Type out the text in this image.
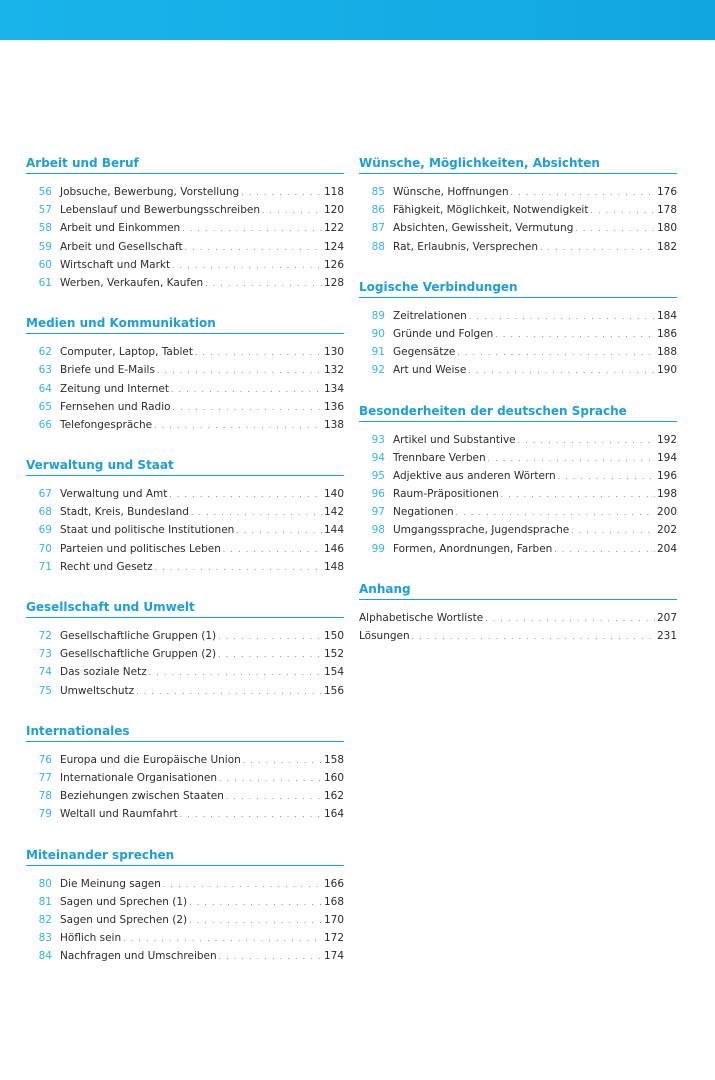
Arbeit und Beruf
56 Jobsuche, Bewerbung, Vorstellung . . .	118
57 Lebenslauf und Bewerbungsschreiben . . .	120
58 Arbeit und Einkommen . . .	122
59 Arbeit und Gesellschaft . . .	124
60 Wirtschaft und Markt . . .	126
61 Werben, Verkaufen, Kaufen . . .	128
Medien und Kommunikation
62 Computer, Laptop, Tablet . . .	130
63 Briefe und E-Mails . . .	132
64 Zeitung und Internet . . .	134
65 Fernsehen und Radio . . .	136
66 Telefongespräche . . .	138
Verwaltung und Staat
67 Verwaltung und Amt . . .	140
68 Stadt, Kreis, Bundesland . . .	142
69 Staat und politische Institutionen . . .	144
70 Parteien und politisches Leben . . .	146
71 Recht und Gesetz . . .	148
Gesellschaft und Umwelt
72 Gesellschaftliche Gruppen (1) . . .	150
73 Gesellschaftliche Gruppen (2) . . .	152
74 Das soziale Netz . . .	154
75 Umweltschutz . . .	156
Internationales
76 Europa und die Europäische Union . . .	158
77 Internationale Organisationen . . .	160
78 Beziehungen zwischen Staaten . . .	162
79 Weltall und Raumfahrt . . .	164
Miteinander sprechen
80 Die Meinung sagen . . .	166
81 Sagen und Sprechen (1) . . .	168
82 Sagen und Sprechen (2) . . .	170
83 Höflich sein . . .	172
84 Nachfragen und Umschreiben . . .	174
Wünsche, Möglichkeiten, Absichten
85 Wünsche, Hoffnungen . . .	176
86 Fähigkeit, Möglichkeit, Notwendigkeit . . .	178
87 Absichten, Gewissheit, Vermutung . . .	180
88 Rat, Erlaubnis, Versprechen . . .	182
Logische Verbindungen
89 Zeitrelationen . . .	184
90 Gründe und Folgen . . .	186
91 Gegensätze . . .	188
92 Art und Weise . . .	190
Besonderheiten der deutschen Sprache
93 Artikel und Substantive . . .	192
94 Trennbare Verben . . .	194
95 Adjektive aus anderen Wörtern . . .	196
96 Raum-Präpositionen . . .	198
97 Negationen . . .	200
98 Umgangssprache, Jugendsprache . . .	202
99 Formen, Anordnungen, Farben . . .	204
Anhang
Alphabetische Wortliste . . .	207
Lösungen . . .	231
